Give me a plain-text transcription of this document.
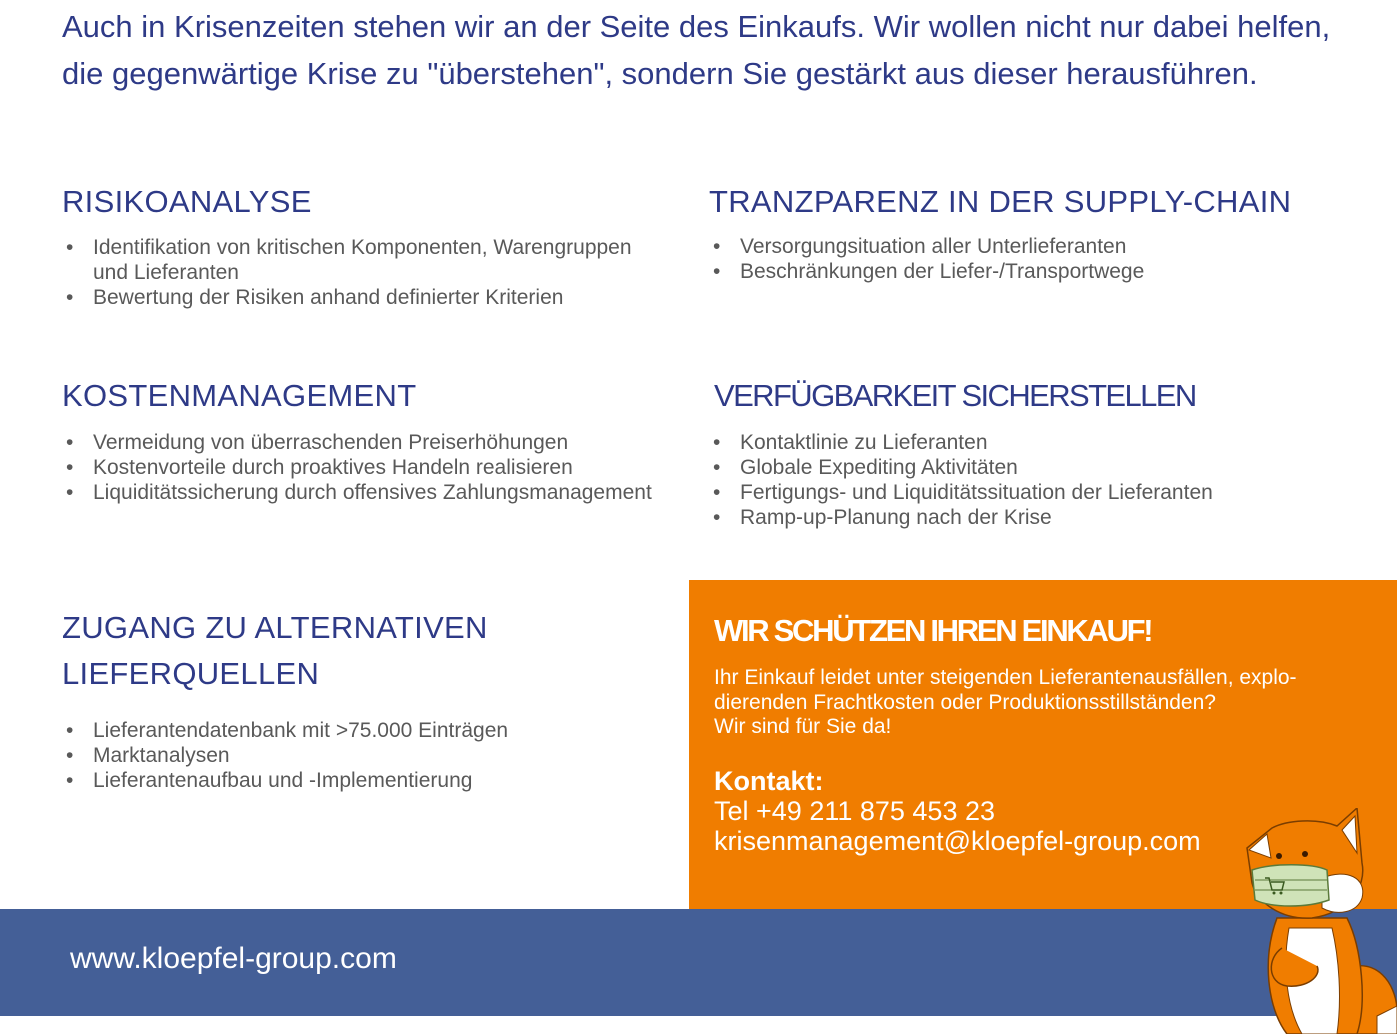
Auch in Krisenzeiten stehen wir an der Seite des Einkaufs. Wir wollen nicht nur dabei helfen, die gegenwärtige Krise zu "überstehen", sondern Sie gestärkt aus dieser herausführen.

RISIKOANALYSE
• Identifikation von kritischen Komponenten, Warengruppen und Lieferanten
• Bewertung der Risiken anhand definierter Kriterien
TRANZPARENZ IN DER SUPPLY-CHAIN
• Versorgungsituation aller Unterlieferanten
• Beschränkungen der Liefer-/Transportwege
KOSTENMANAGEMENT
• Vermeidung von überraschenden Preiserhöhungen
• Kostenvorteile durch proaktives Handeln realisieren
• Liquiditätssicherung durch offensives Zahlungsmanagement
VERFÜGBARKEIT SICHERSTELLEN
• Kontaktlinie zu Lieferanten
• Globale Expediting Aktivitäten
• Fertigungs- und Liquiditätssituation der Lieferanten
• Ramp-up-Planung nach der Krise
ZUGANG ZU ALTERNATIVEN LIEFERQUELLEN
• Lieferantendatenbank mit >75.000 Einträgen
• Marktanalysen
• Lieferantenaufbau und -Implementierung
WIR SCHÜTZEN IHREN EINKAUF!

Ihr Einkauf leidet unter steigenden Lieferantenausfällen, explo-
dierenden Frachtkosten oder Produktionsstillständen?
Wir sind für Sie da!

Kontakt:
Tel +49 211 875 453 23
krisenmanagement@kloepfel-group.com
www.kloepfel-group.com
